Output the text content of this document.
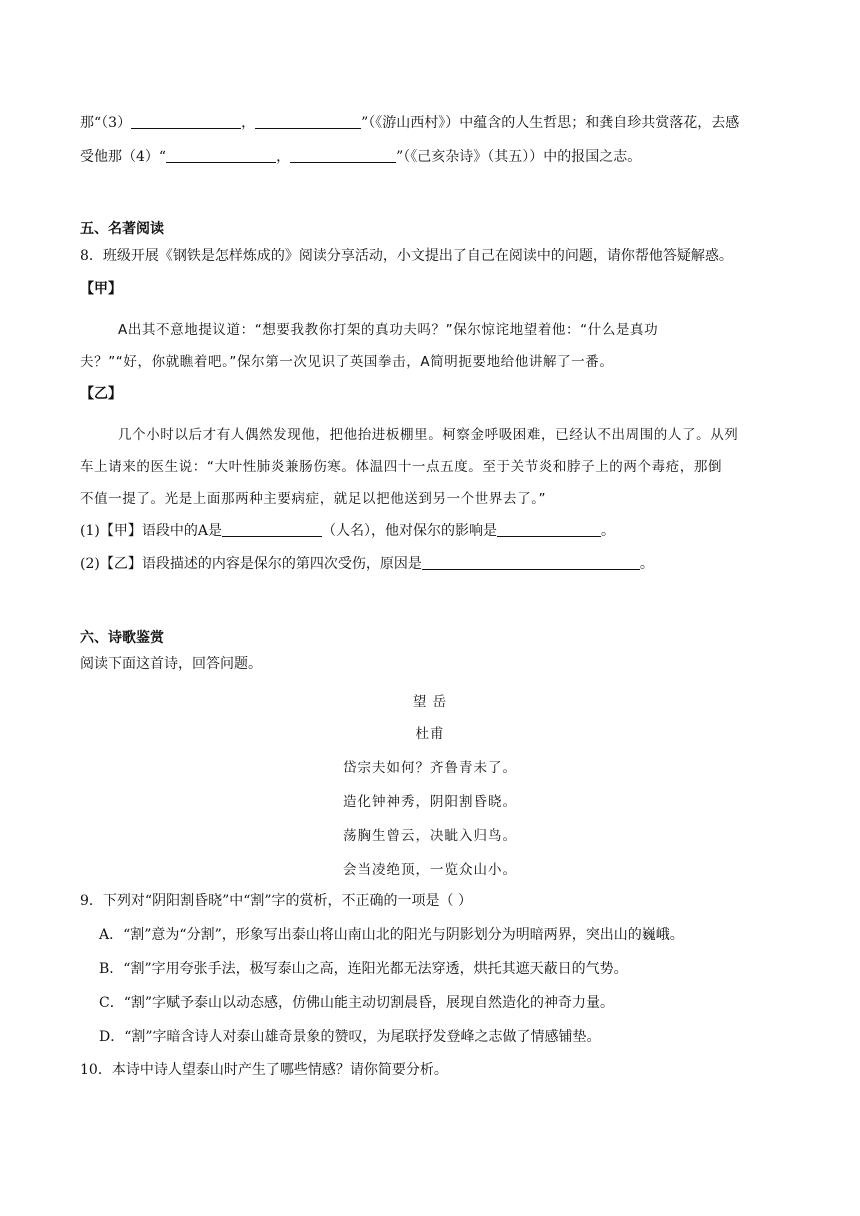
那“（3）	，	”（《游山西村》）中蕴含的人生哲思；和龚自珍共赏落花，去感
受他那（4）“	，	”（《己亥杂诗》（其五））中的报国之志。
五、名著阅读
8．班级开展《钢铁是怎样炼成的》阅读分享活动，小文提出了自己在阅读中的问题，请你帮他答疑解惑。
【甲】
A出其不意地提议道：“想要我教你打架的真功夫吗？”保尔惊诧地望着他：“什么是真功
夫？”“好，你就瞧着吧。”保尔第一次见识了英国拳击，A简明扼要地给他讲解了一番。
【乙】
几个小时以后才有人偶然发现他，把他抬进板棚里。柯察金呼吸困难，已经认不出周围的人了。从列
车上请来的医生说：“大叶性肺炎兼肠伤寒。体温四十一点五度。至于关节炎和脖子上的两个毒疮，那倒
不值一提了。光是上面那两种主要病症，就足以把他送到另一个世界去了。”
(1)【甲】语段中的A是	（人名），他对保尔的影响是	。
(2)【乙】语段描述的内容是保尔的第四次受伤，原因是	。
六、诗歌鉴赏
阅读下面这首诗，回答问题。
望 岳
杜甫
岱宗夫如何？齐鲁青未了。
造化钟神秀，阴阳割昏晓。
荡胸生曾云，决眦入归鸟。
会当凌绝顶，一览众山小。
9．下列对“阴阳割昏晓”中“割”字的赏析，不正确的一项是（ ）
A．“割”意为“分割”，形象写出泰山将山南山北的阳光与阴影划分为明暗两界，突出山的巍峨。
B．“割”字用夸张手法，极写泰山之高，连阳光都无法穿透，烘托其遮天蔽日的气势。
C．“割”字赋予泰山以动态感，仿佛山能主动切割晨昏，展现自然造化的神奇力量。
D．“割”字暗含诗人对泰山雄奇景象的赞叹，为尾联抒发登峰之志做了情感铺垫。
10．本诗中诗人望泰山时产生了哪些情感？请你简要分析。
